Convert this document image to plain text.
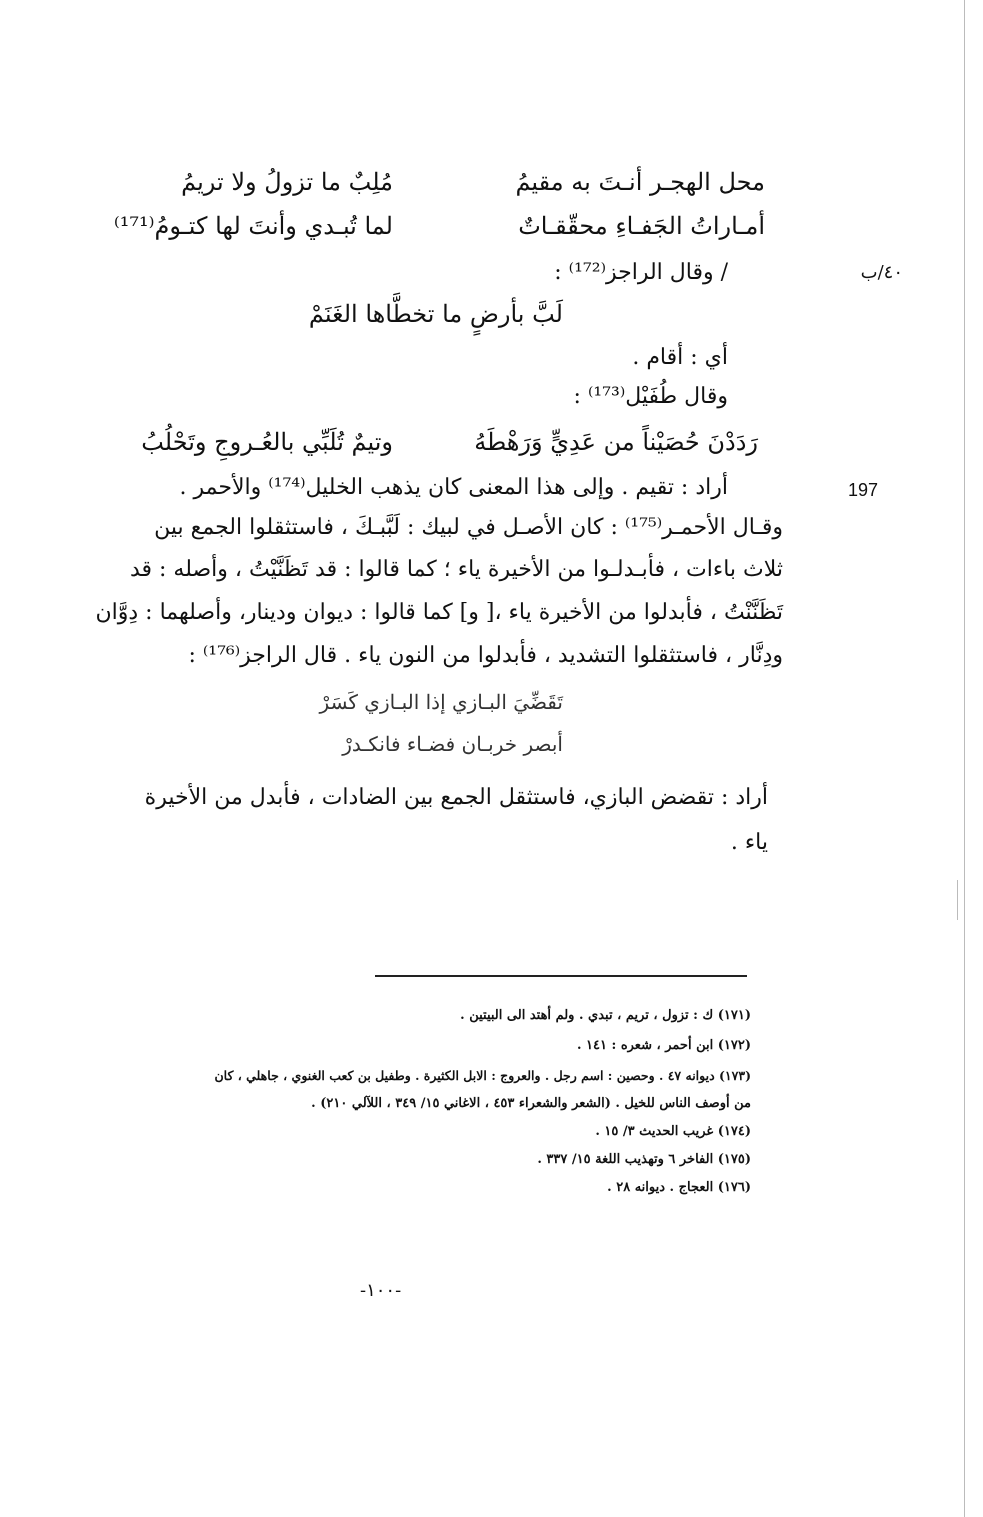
٤٠/ب
197
محل الهجـر أنـتَ به مقيمُ
مُلِبٌ ما تزولُ ولا تريمُ
أمـاراتُ الجَفـاءِ محقّقـاتٌ
لما تُبـدي وأنتَ لها كتـومُ⁽¹⁷¹⁾
/ وقال الراجز⁽¹⁷²⁾ :
لَبَّ بأرضٍ ما تخطَّاها الغَنَمْ
أي : أقام .
وقال طُفَيْل⁽¹⁷³⁾ :
رَدَدْنَ حُصَيْناً من عَدِيٍّ وَرَهْطَهُ
وتيمٌ تُلَبِّي بالعُـروجِ وتَحْلُبُ
أراد : تقيم . وإلى هذا المعنى كان يذهب الخليل⁽¹⁷⁴⁾ والأحمر .
وقـال الأحمـر⁽¹⁷⁵⁾ : كان الأصـل في لبيك : لَبَّبـكَ ، فاستثقلوا الجمع بين
ثلاث باءات ، فأبـدلـوا من الأخيرة ياء ؛ كما قالوا : قد تَظَنَّيْتُ ، وأصله : قد
تَظَنَّنْتُ ، فأبدلوا من الأخيرة ياء ،[ و] كما قالوا : ديوان ودينار، وأصلهما : دِوَّان
ودِنَّار ، فاستثقلوا التشديد ، فأبدلوا من النون ياء . قال الراجز⁽¹⁷⁶⁾ :
تَقَضِّيَ البـازي إذا البـازي كَسَرْ
أبصر خربـان فضـاء فانكـدرْ
أراد : تقضض البازي، فاستثقل الجمع بين الضادات ، فأبدل من الأخيرة
ياء .
(١٧١) ك : تزول ، تريم ، تبدي . ولم أهتد الى البيتين .
(١٧٢) ابن أحمر ، شعره : ١٤١ .
(١٧٣) ديوانه ٤٧ . وحصين : اسم رجل . والعروج : الابل الكثيرة . وطفيل بن كعب الغنوي ، جاهلي ، كان
من أوصف الناس للخيل . (الشعر والشعراء ٤٥٣ ، الاغاني ١٥/ ٣٤٩ ، اللآلي ٢١٠) .
(١٧٤) غريب الحديث ٣/ ١٥ .
(١٧٥) الفاخر ٦ وتهذيب اللغة ١٥/ ٣٣٧ .
(١٧٦) العجاج . ديوانه ٢٨ .
-١٠٠-
